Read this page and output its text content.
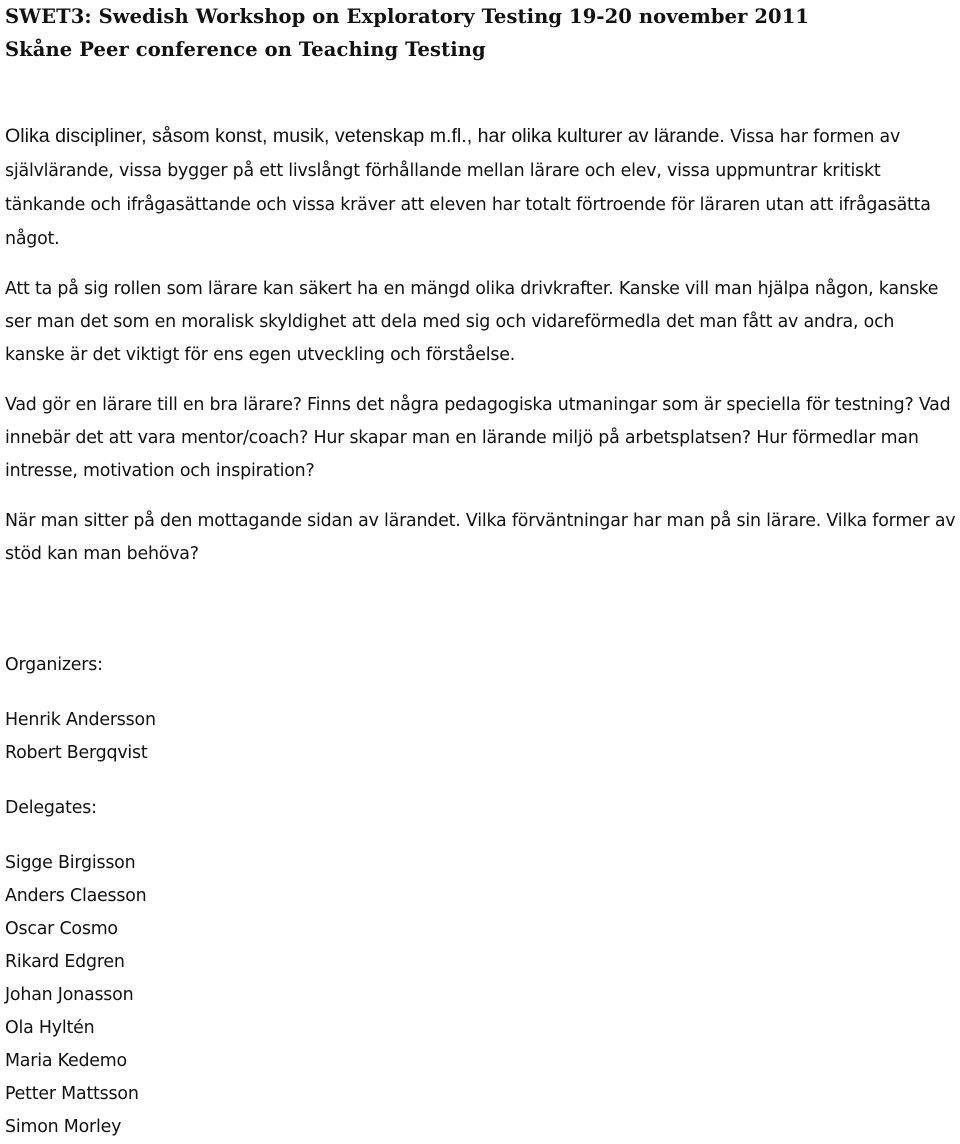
SWET3: Swedish Workshop on Exploratory Testing 19-20 november 2011

Skåne Peer conference on Teaching Testing

Olika discipliner, såsom konst, musik, vetenskap m.fl., har olika kulturer av lärande. Vissa har formen av självlärande, vissa bygger på ett livslångt förhållande mellan lärare och elev, vissa uppmuntrar kritiskt tänkande och ifrågasättande och vissa kräver att eleven har totalt förtroende för läraren utan att ifrågasätta något.

Att ta på sig rollen som lärare kan säkert ha en mängd olika drivkrafter. Kanske vill man hjälpa någon, kanske ser man det som en moralisk skyldighet att dela med sig och vidareförmedla det man fått av andra, och kanske är det viktigt för ens egen utveckling och förståelse.

Vad gör en lärare till en bra lärare? Finns det några pedagogiska utmaningar som är speciella för testning? Vad innebär det att vara mentor/coach? Hur skapar man en lärande miljö på arbetsplatsen? Hur förmedlar man intresse, motivation och inspiration?

När man sitter på den mottagande sidan av lärandet. Vilka förväntningar har man på sin lärare. Vilka former av stöd kan man behöva?

Organizers:

Henrik Andersson
Robert Bergqvist

Delegates:

Sigge Birgisson
Anders Claesson
Oscar Cosmo
Rikard Edgren
Johan Jonasson
Ola Hyltén
Maria Kedemo
Petter Mattsson
Simon Morley
